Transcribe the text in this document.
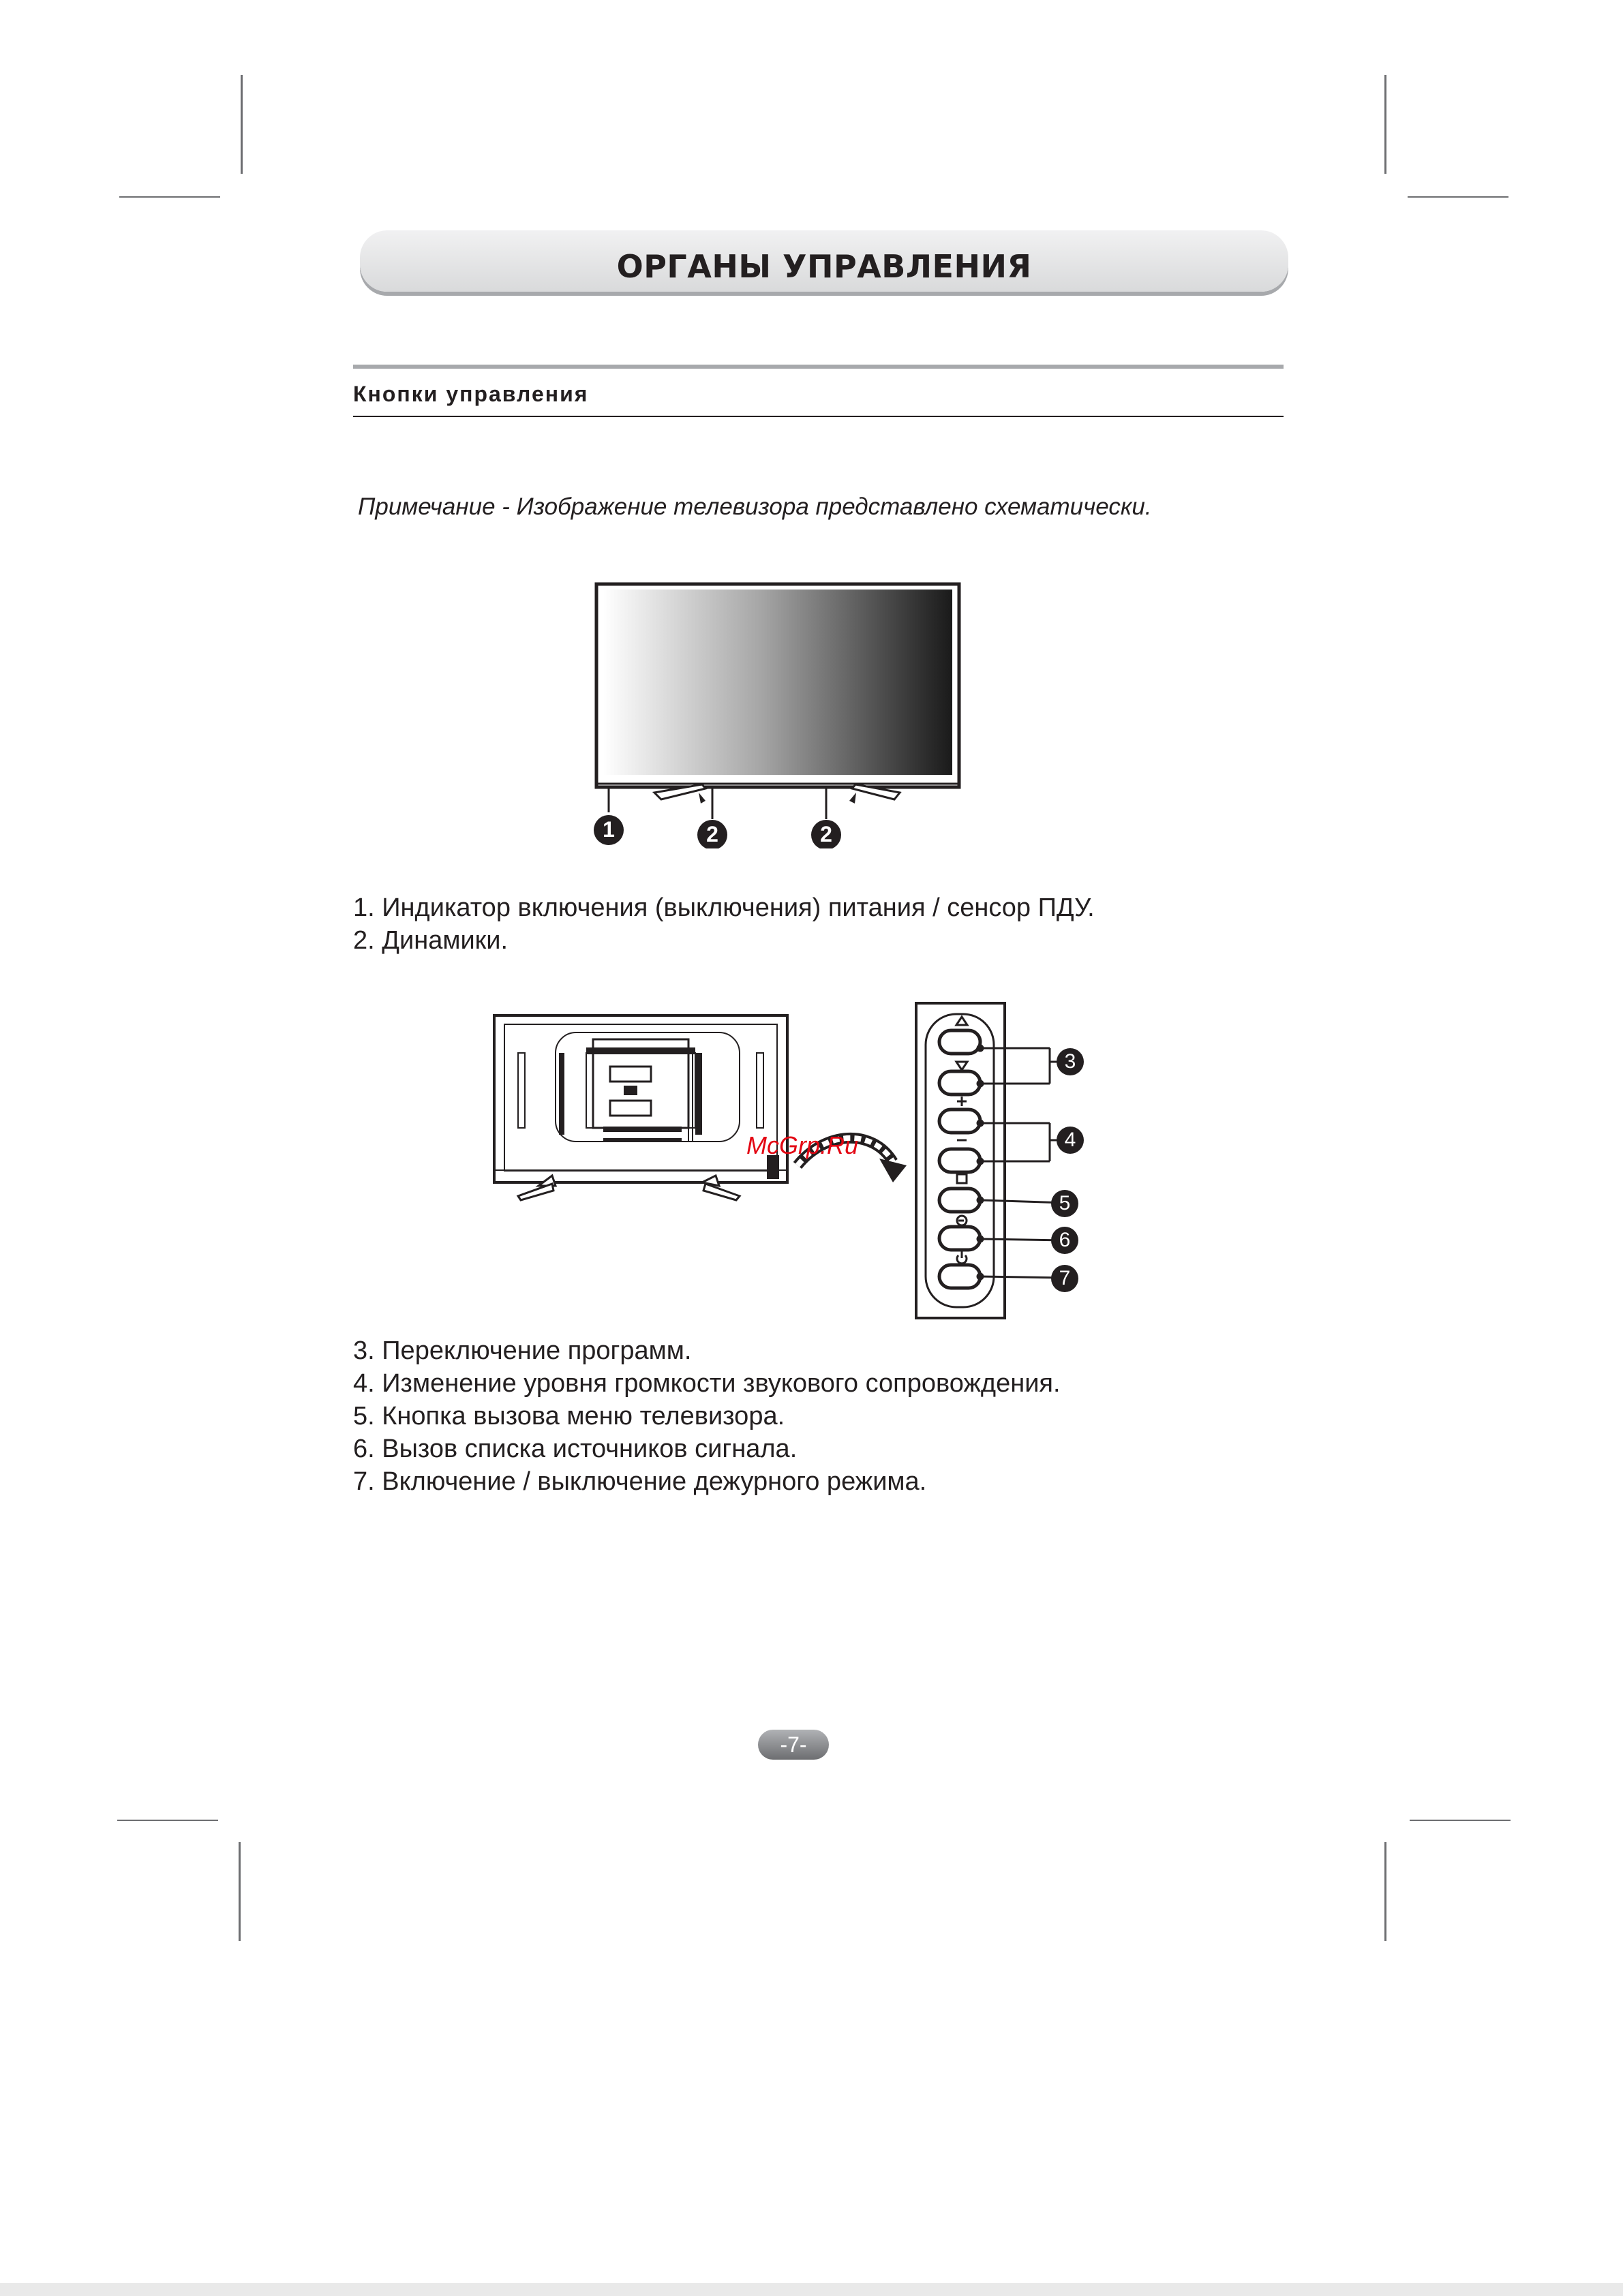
ОРГАНЫ УПРАВЛЕНИЯ
Кнопки управления
Примечание - Изображение телевизора представлено схематически.
1	2	2
1. Индикатор включения (выключения) питания / сенсор ПДУ.
2. Динамики.
McGrp.Ru
3
4
5
6
7
3. Переключение программ.
4. Изменение уровня громкости звукового сопровождения.
5. Кнопка вызова меню телевизора.
6. Вызов списка источников сигнала.
7. Включение / выключение дежурного режима.
-7-
